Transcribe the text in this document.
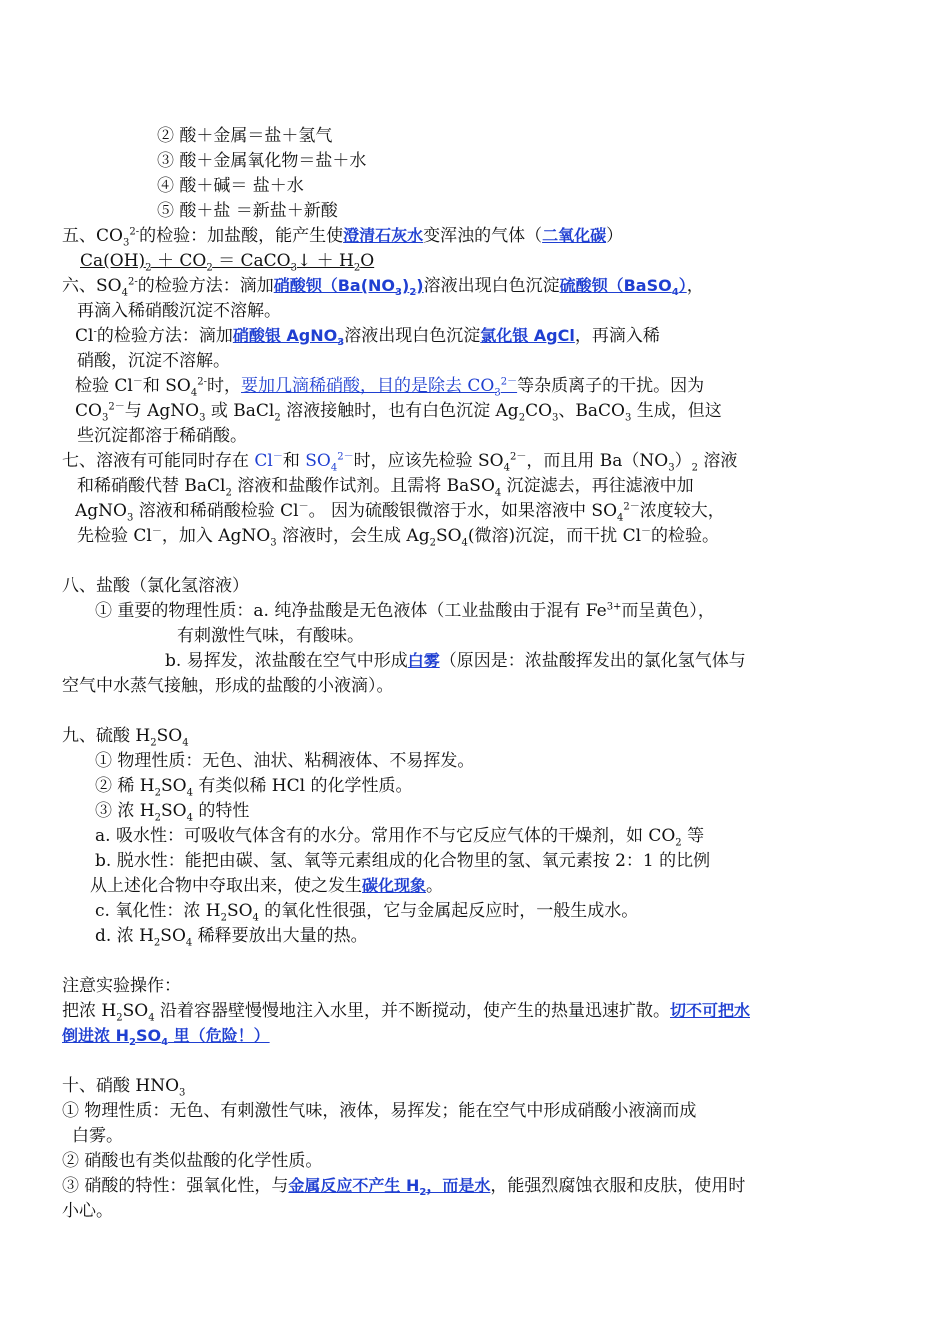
② 酸＋金属＝盐＋氢气
③ 酸＋金属氧化物＝盐＋水
④ 酸＋碱＝ 盐＋水
⑤ 酸＋盐 ＝新盐＋新酸
五、$CO_3^{2-}$的检验：加盐酸，能产生使澄清石灰水变浑浊的气体（二氧化碳）
$Ca(OH)_2 + CO_2$ ＝ CaCO$_3$↓ ＋ $H_2O$
六、$SO_4^{2-}$的检验方法：滴加硝酸钡$(Ba(NO_3)_2)$溶液出现白色沉淀硫酸钡（BaSO$_4$），
再滴入稀硝酸沉淀不溶解。
Cl-的检验方法：滴加硝酸银 AgNO$_3$溶液出现白色沉淀氯化银 AgCl，再滴入稀
硝酸，沉淀不溶解。
检验 Cl－和 $SO_4^{2-}$时，要加几滴稀硝酸，目的是除去 $CO_3^{2-}$等杂质离子的干扰。因为
$CO_3^{2-}$与 AgNO$_3$ 或 BaCl$_2$ 溶液接触时，也有白色沉淀 $Ag_2CO_3$、BaCO$_3$ 生成，但这
些沉淀都溶于稀硝酸。
七、溶液有可能同时存在 Cl－和 $SO_4^{2-}$时，应该先检验 $SO_4^{2-}$，而且用 $Ba(NO_3)_2$ 溶液
和稀硝酸代替 BaCl$_2$ 溶液和盐酸作试剂。且需将 BaSO$_4$ 沉淀滤去，再往滤液中加
AgNO$_3$ 溶液和稀硝酸检验 Cl－。 因为硫酸银微溶于水，如果溶液中 $SO_4^{2-}$浓度较大，
先检验 Cl－，加入 AgNO$_3$ 溶液时，会生成 $Ag_2SO_4$(微溶)沉淀，而干扰 Cl－的检验。
八、盐酸（氯化氢溶液）
① 重要的物理性质：a. 纯净盐酸是无色液体（工业盐酸由于混有 $Fe^{3+}$而呈黄色），
有刺激性气味，有酸味。
b. 易挥发，浓盐酸在空气中形成白雾（原因是：浓盐酸挥发出的氯化氢气体与
空气中水蒸气接触，形成的盐酸的小液滴）。
九、硫酸 $H_2SO_4$
① 物理性质：无色、油状、粘稠液体、不易挥发。
② 稀 $H_2SO_4$ 有类似稀 HCl 的化学性质。
③ 浓 $H_2SO_4$ 的特性
a. 吸水性：可吸收气体含有的水分。常用作不与它反应气体的干燥剂，如 $CO_2$ 等
b. 脱水性：能把由碳、氢、氧等元素组成的化合物里的氢、氧元素按 2：1 的比例
从上述化合物中夺取出来，使之发生碳化现象。
c. 氧化性：浓 $H_2SO_4$ 的氧化性很强，它与金属起反应时，一般生成水。
d. 浓 $H_2SO_4$ 稀释要放出大量的热。
注意实验操作：
把浓 $H_2SO_4$ 沿着容器壁慢慢地注入水里，并不断搅动，使产生的热量迅速扩散。切不可把水
倒进浓 $H_2SO_4$ 里（危险！）
十、硝酸 $HNO_3$
① 物理性质：无色、有刺激性气味，液体，易挥发；能在空气中形成硝酸小液滴而成
白雾。
② 硝酸也有类似盐酸的化学性质。
③ 硝酸的特性：强氧化性，与金属反应不产生 $H_2$，而是水，能强烈腐蚀衣服和皮肤，使用时
小心。
